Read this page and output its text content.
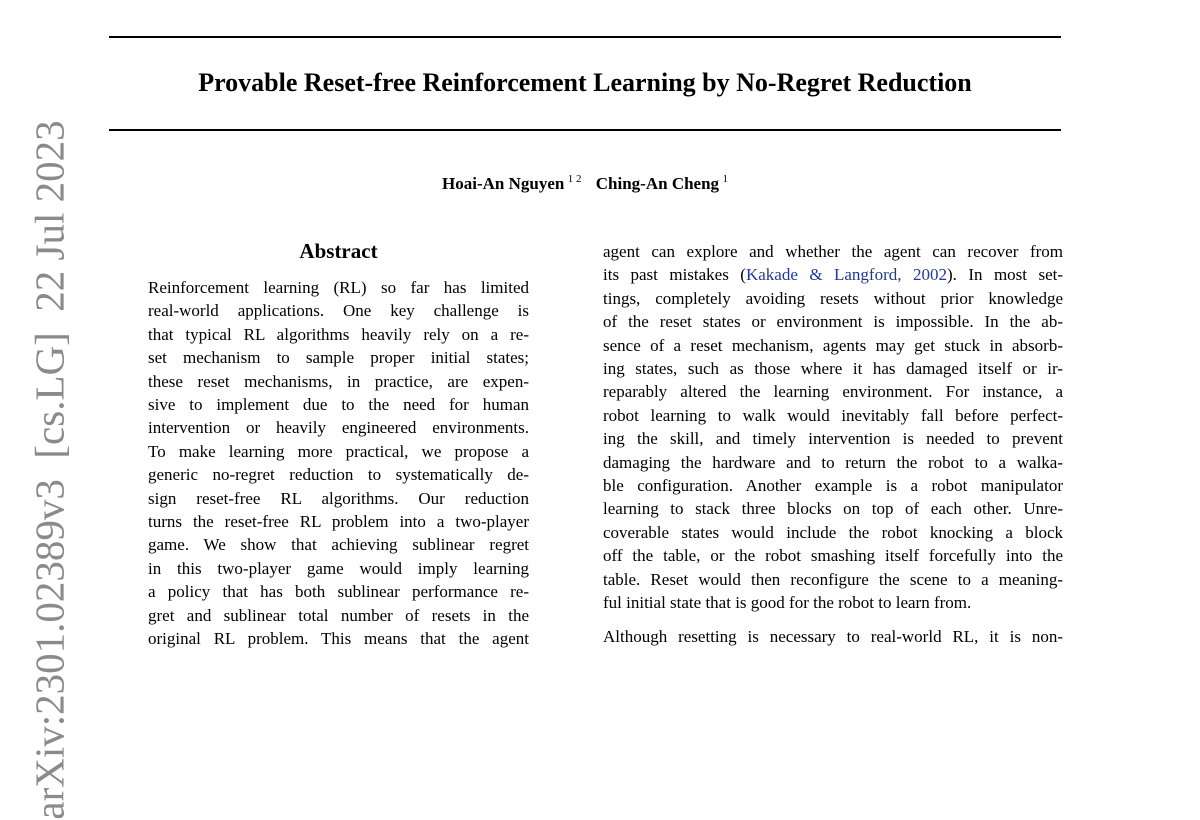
Provable Reset-free Reinforcement Learning by No-Regret Reduction
Hoai-An Nguyen  $^{1 2}$ Ching-An Cheng  $^1$
arXiv:2301.02389v3  [cs.LG]  22 Jul 2023	Abstract

Reinforcement learning (RL) so far has limited
real-world applications. One key challenge is
that typical RL algorithms heavily rely on a re-
set mechanism to sample proper initial states;
these reset mechanisms, in practice, are expen-
sive to implement due to the need for human
intervention or heavily engineered environments.
To make learning more practical, we propose a
generic no-regret reduction to systematically de-
sign reset-free RL algorithms. Our reduction
turns the reset-free RL problem into a two-player
game. We show that achieving sublinear regret
in this two-player game would imply learning
a policy that has both sublinear performance re-
gret and sublinear total number of resets in the
original RL problem. This means that the agent

agent can explore and whether the agent can recover from
its past mistakes (Kakade & Langford, 2002). In most set-
tings, completely avoiding resets without prior knowledge
of the reset states or environment is impossible. In the ab-
sence of a reset mechanism, agents may get stuck in absorb-
ing states, such as those where it has damaged itself or ir-
reparably altered the learning environment. For instance, a
robot learning to walk would inevitably fall before perfect-
ing the skill, and timely intervention is needed to prevent
damaging the hardware and to return the robot to a walka-
ble configuration. Another example is a robot manipulator
learning to stack three blocks on top of each other. Unre-
coverable states would include the robot knocking a block
off the table, or the robot smashing itself forcefully into the
table. Reset would then reconfigure the scene to a meaning-
ful initial state that is good for the robot to learn from.

Although resetting is necessary to real-world RL, it is non-
